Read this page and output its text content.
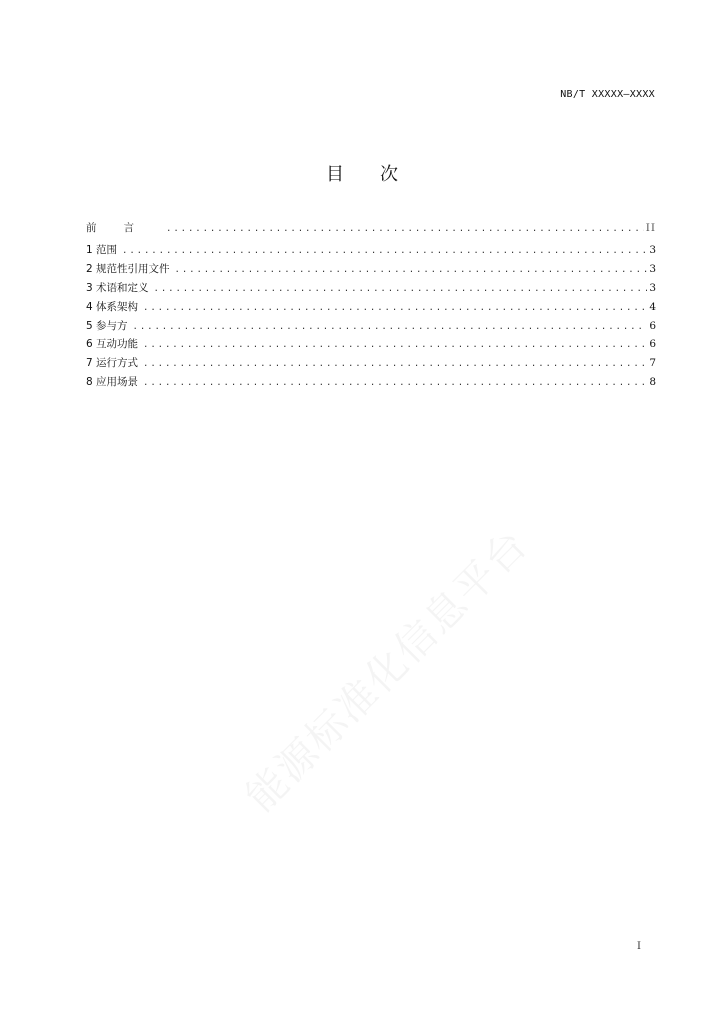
NB/T XXXXX—XXXX
目次
前言 .....	II
1 范围 .....	3
2 规范性引用文件 .....	3
3 术语和定义 .....	3
4 体系架构 .....	4
5 参与方 .....	6
6 互动功能 .....	6
7 运行方式 .....	7
8 应用场景 .....	8
I
